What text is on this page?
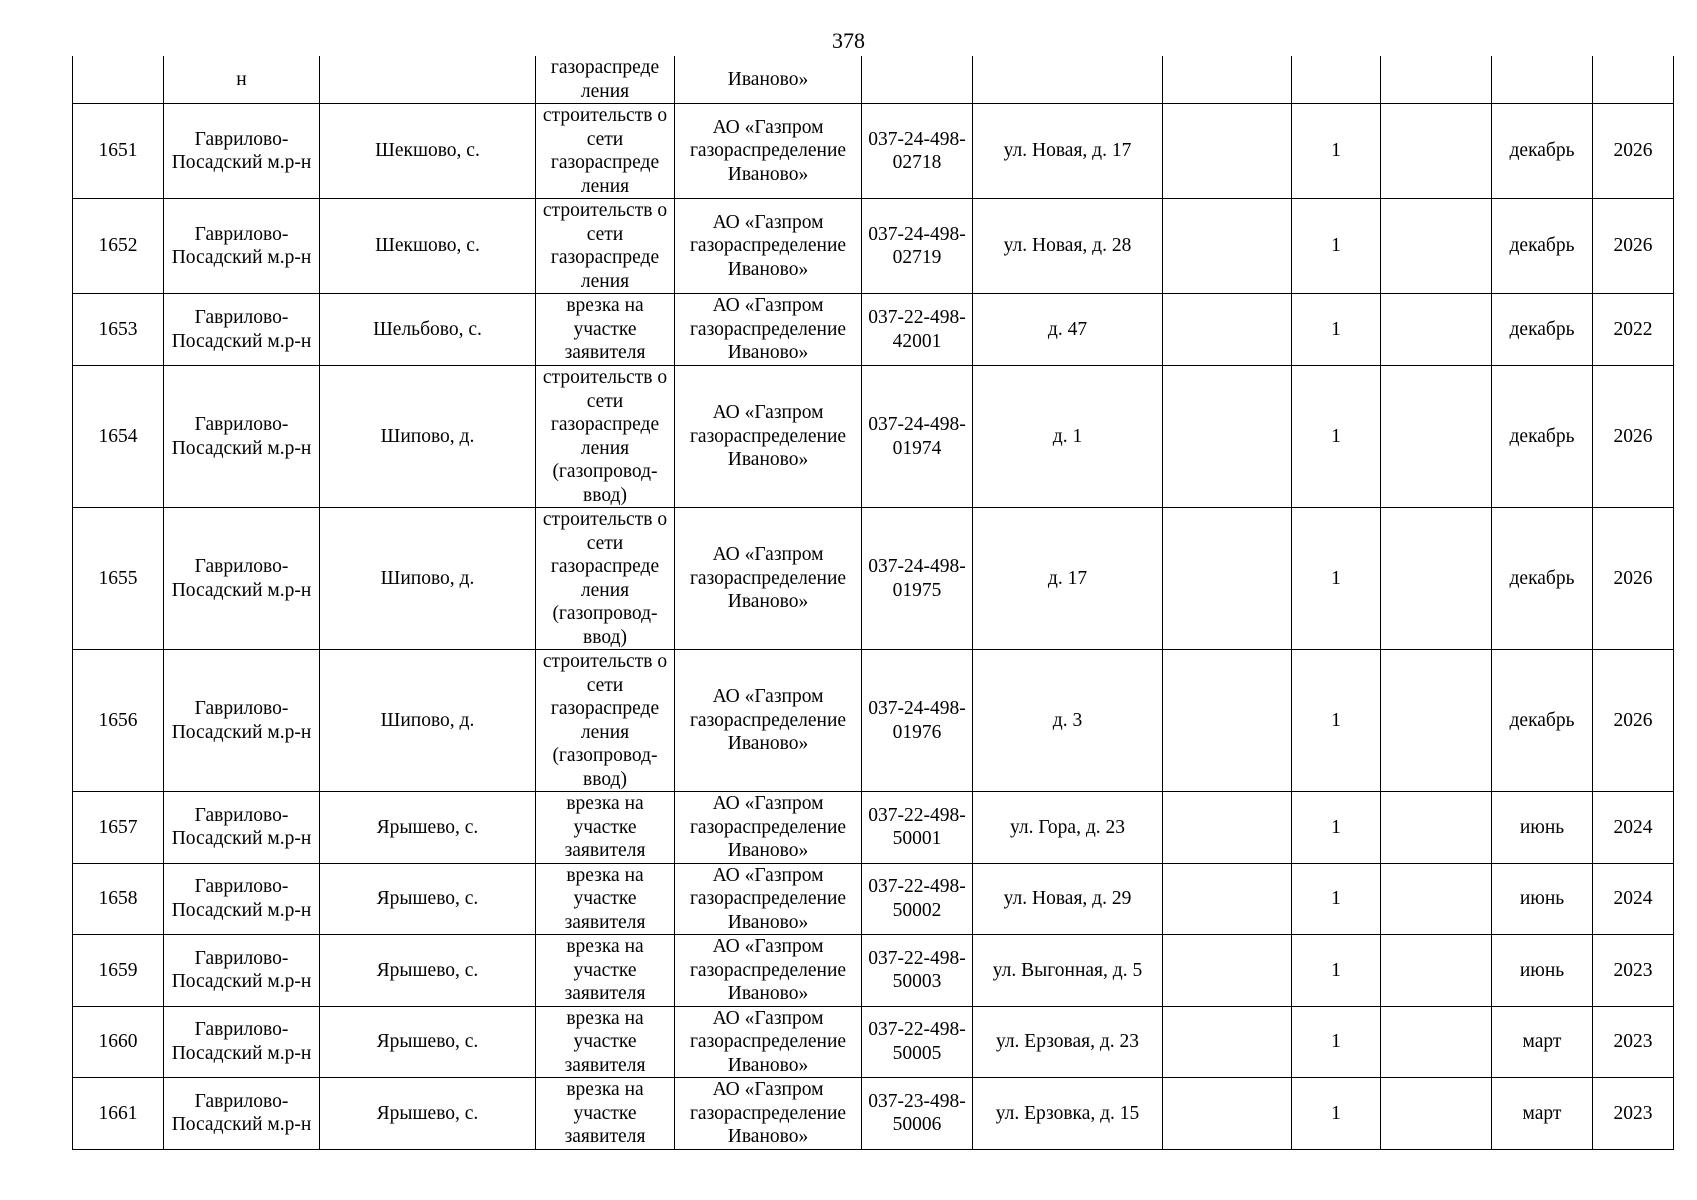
378
	н		газораспреде ления	Иваново»							
1651	Гаврилово-Посадский м.р-н	Шекшово, с.	строительств о сети газораспреде ления	АО «Газпром газораспределение Иваново»	037-24-498-02718	ул. Новая, д. 17		1		декабрь	2026
1652	Гаврилово-Посадский м.р-н	Шекшово, с.	строительств о сети газораспреде ления	АО «Газпром газораспределение Иваново»	037-24-498-02719	ул. Новая, д. 28		1		декабрь	2026
1653	Гаврилово-Посадский м.р-н	Шельбово, с.	врезка на участке заявителя	АО «Газпром газораспределение Иваново»	037-22-498-42001	д. 47		1		декабрь	2022
1654	Гаврилово-Посадский м.р-н	Шипово, д.	строительств о сети газораспреде ления (газопровод-ввод)	АО «Газпром газораспределение Иваново»	037-24-498-01974	д. 1		1		декабрь	2026
1655	Гаврилово-Посадский м.р-н	Шипово, д.	строительств о сети газораспреде ления (газопровод-ввод)	АО «Газпром газораспределение Иваново»	037-24-498-01975	д. 17		1		декабрь	2026
1656	Гаврилово-Посадский м.р-н	Шипово, д.	строительств о сети газораспреде ления (газопровод-ввод)	АО «Газпром газораспределение Иваново»	037-24-498-01976	д. 3		1		декабрь	2026
1657	Гаврилово-Посадский м.р-н	Ярышево, с.	врезка на участке заявителя	АО «Газпром газораспределение Иваново»	037-22-498-50001	ул. Гора, д. 23		1		июнь	2024
1658	Гаврилово-Посадский м.р-н	Ярышево, с.	врезка на участке заявителя	АО «Газпром газораспределение Иваново»	037-22-498-50002	ул. Новая, д. 29		1		июнь	2024
1659	Гаврилово-Посадский м.р-н	Ярышево, с.	врезка на участке заявителя	АО «Газпром газораспределение Иваново»	037-22-498-50003	ул. Выгонная, д. 5		1		июнь	2023
1660	Гаврилово-Посадский м.р-н	Ярышево, с.	врезка на участке заявителя	АО «Газпром газораспределение Иваново»	037-22-498-50005	ул. Ерзовая, д. 23		1		март	2023
1661	Гаврилово-Посадский м.р-н	Ярышево, с.	врезка на участке заявителя	АО «Газпром газораспределение Иваново»	037-23-498-50006	ул. Ерзовка, д. 15		1		март	2023
